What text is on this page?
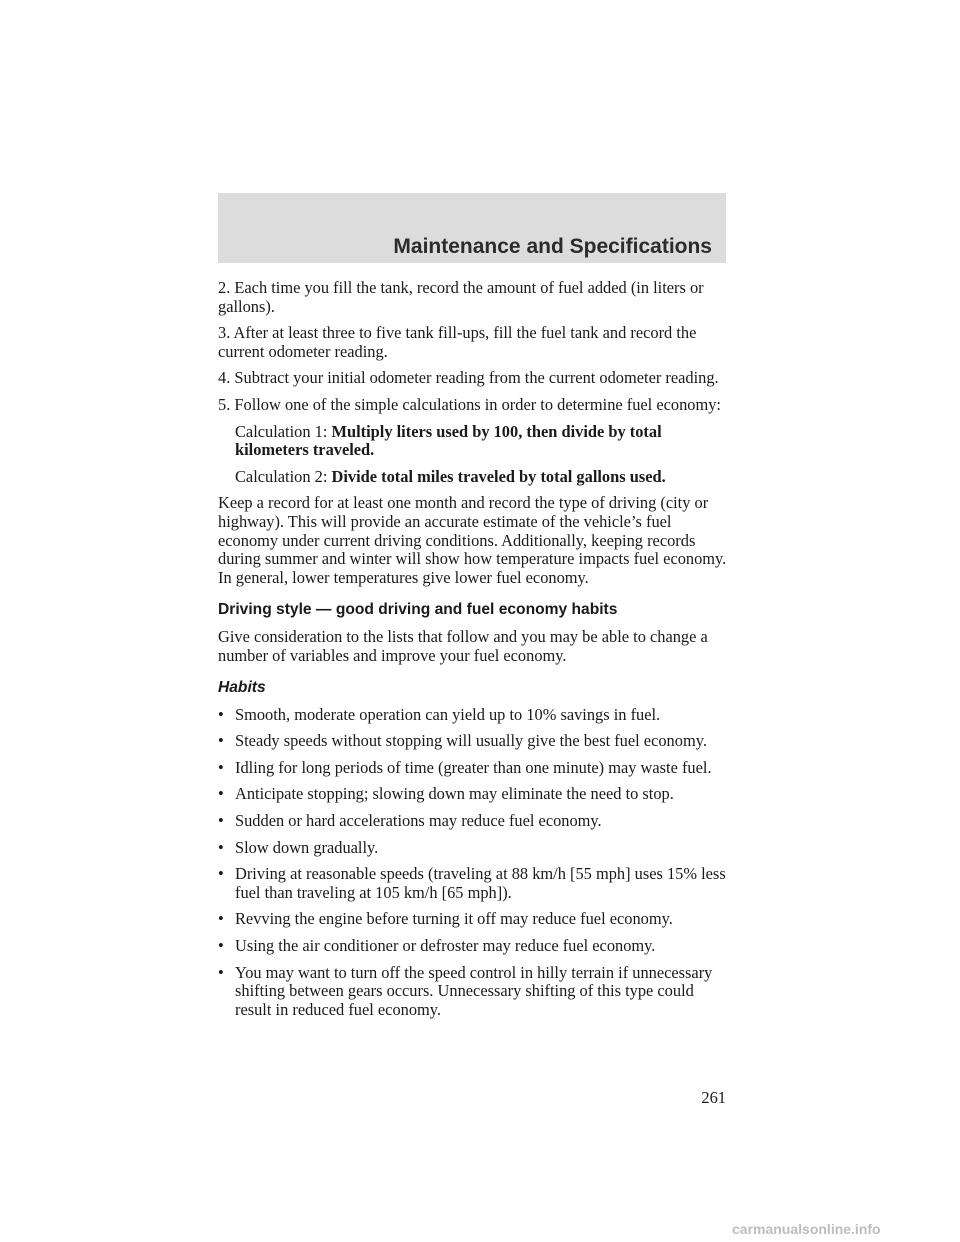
Maintenance and Specifications

2. Each time you fill the tank, record the amount of fuel added (in liters or gallons).

3. After at least three to five tank fill-ups, fill the fuel tank and record the current odometer reading.

4. Subtract your initial odometer reading from the current odometer reading.

5. Follow one of the simple calculations in order to determine fuel economy:

Calculation 1: Multiply liters used by 100, then divide by total kilometers traveled.

Calculation 2: Divide total miles traveled by total gallons used.

Keep a record for at least one month and record the type of driving (city or highway). This will provide an accurate estimate of the vehicle’s fuel economy under current driving conditions. Additionally, keeping records during summer and winter will show how temperature impacts fuel economy. In general, lower temperatures give lower fuel economy.

Driving style — good driving and fuel economy habits

Give consideration to the lists that follow and you may be able to change a number of variables and improve your fuel economy.

Habits
• Smooth, moderate operation can yield up to 10% savings in fuel.
• Steady speeds without stopping will usually give the best fuel economy.
• Idling for long periods of time (greater than one minute) may waste fuel.
• Anticipate stopping; slowing down may eliminate the need to stop.
• Sudden or hard accelerations may reduce fuel economy.
• Slow down gradually.
• Driving at reasonable speeds (traveling at 88 km/h [55 mph] uses 15% less fuel than traveling at 105 km/h [65 mph]).
• Revving the engine before turning it off may reduce fuel economy.
• Using the air conditioner or defroster may reduce fuel economy.
• You may want to turn off the speed control in hilly terrain if unnecessary shifting between gears occurs. Unnecessary shifting of this type could result in reduced fuel economy.
261
carmanualsonline.info
